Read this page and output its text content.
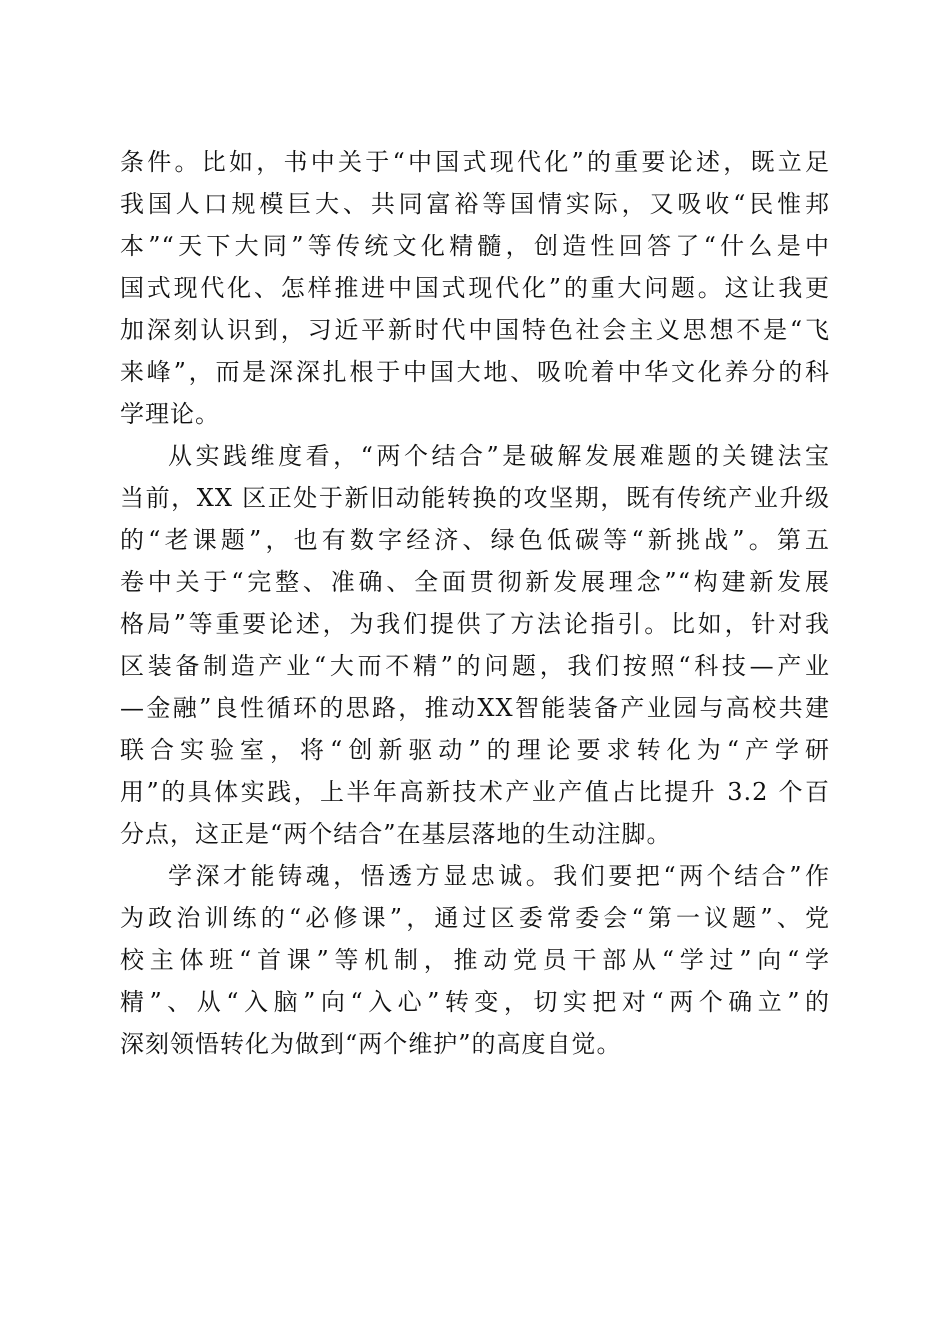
条件。比如，书中关于“中国式现代化”的重要论述，既立足
我国人口规模巨大、共同富裕等国情实际，又吸收“民惟邦
本”“天下大同”等传统文化精髓，创造性回答了“什么是中
国式现代化、怎样推进中国式现代化”的重大问题。这让我更
加深刻认识到，习近平新时代中国特色社会主义思想不是“飞
来峰”，而是深深扎根于中国大地、吸吮着中华文化养分的科
学理论。
从实践维度看，“两个结合”是破解发展难题的关键法宝
当前，XX 区正处于新旧动能转换的攻坚期，既有传统产业升级
的“老课题”，也有数字经济、绿色低碳等“新挑战”。第五
卷中关于“完整、准确、全面贯彻新发展理念”“构建新发展
格局”等重要论述，为我们提供了方法论指引。比如，针对我
区装备制造产业“大而不精”的问题，我们按照“科技—产业
—金融”良性循环的思路，推动XX智能装备产业园与高校共建
联合实验室，将“创新驱动”的理论要求转化为“产学研
用”的具体实践，上半年高新技术产业产值占比提升 3.2 个百
分点，这正是“两个结合”在基层落地的生动注脚。
学深才能铸魂，悟透方显忠诚。我们要把“两个结合”作
为政治训练的“必修课”，通过区委常委会“第一议题”、党
校主体班“首课”等机制，推动党员干部从“学过”向“学
精”、从“入脑”向“入心”转变，切实把对“两个确立”的
深刻领悟转化为做到“两个维护”的高度自觉。
